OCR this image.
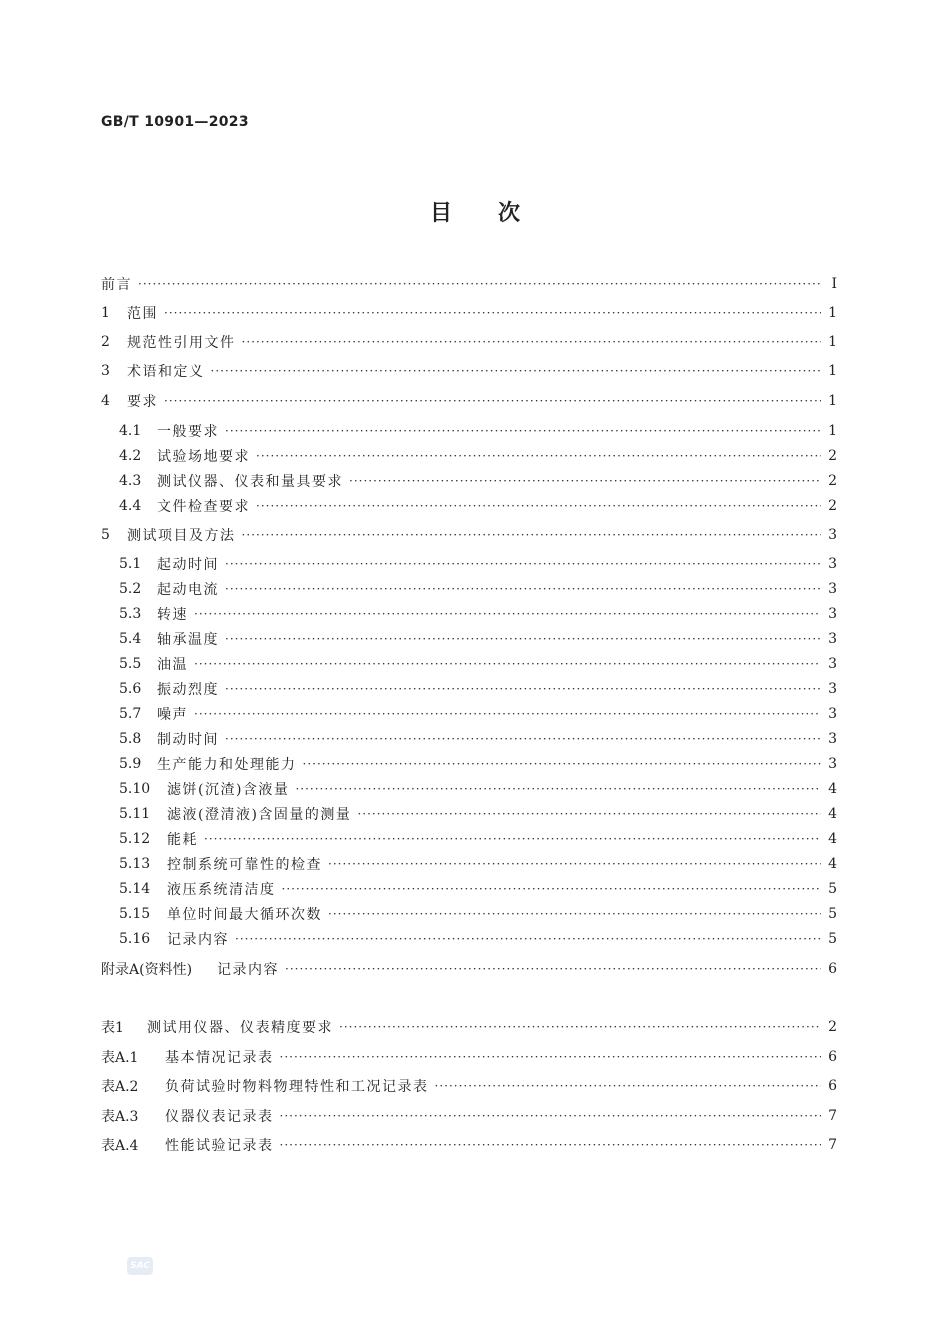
GB/T 10901—2023
目次
前言 ·····	Ⅰ
1	范围 ·····	1
2	规范性引用文件 ·····	1
3	术语和定义 ·····	1
4	要求 ·····	1
4.1	一般要求 ·····	1
4.2	试验场地要求 ·····	2
4.3	测试仪器、仪表和量具要求 ·····	2
4.4	文件检查要求 ·····	2
5	测试项目及方法 ·····	3
5.1	起动时间 ·····	3
5.2	起动电流 ·····	3
5.3	转速 ·····	3
5.4	轴承温度 ·····	3
5.5	油温 ·····	3
5.6	振动烈度 ·····	3
5.7	噪声 ·····	3
5.8	制动时间 ·····	3
5.9	生产能力和处理能力 ·····	3
5.10	滤饼(沉渣)含液量 ·····	4
5.11	滤液(澄清液)含固量的测量 ·····	4
5.12	能耗 ·····	4
5.13	控制系统可靠性的检查 ·····	4
5.14	液压系统清洁度 ·····	5
5.15	单位时间最大循环次数 ·····	5
5.16	记录内容 ·····	5
附录A(资料性)	记录内容 ·····	6
表1	测试用仪器、仪表精度要求 ·····	2
表A.1	基本情况记录表 ·····	6
表A.2	负荷试验时物料物理特性和工况记录表 ·····	6
表A.3	仪器仪表记录表 ·····	7
表A.4	性能试验记录表 ·····	7
SAC
